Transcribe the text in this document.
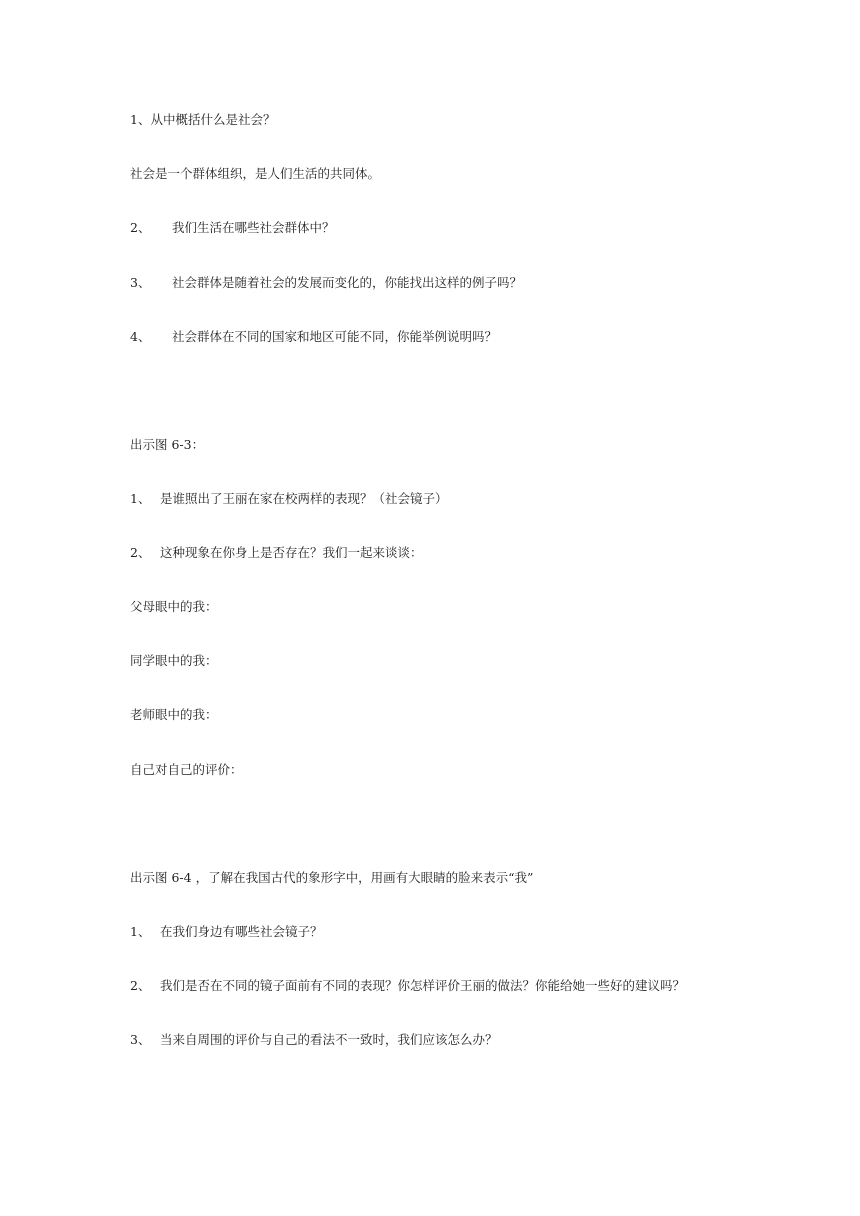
1、从中概括什么是社会？
社会是一个群体组织，是人们生活的共同体。
2、 我们生活在哪些社会群体中？
3、 社会群体是随着社会的发展而变化的，你能找出这样的例子吗？
4、 社会群体在不同的国家和地区可能不同，你能举例说明吗？
出示图 6-3：
1、 是谁照出了王丽在家在校两样的表现？（社会镜子）
2、 这种现象在你身上是否存在？我们一起来谈谈：
父母眼中的我：
同学眼中的我：
老师眼中的我：
自己对自己的评价：
出示图 6-4 ，了解在我国古代的象形字中，用画有大眼睛的脸来表示“我”
1、 在我们身边有哪些社会镜子？
2、 我们是否在不同的镜子面前有不同的表现？你怎样评价王丽的做法？你能给她一些好的建议吗？
3、 当来自周围的评价与自己的看法不一致时，我们应该怎么办？
